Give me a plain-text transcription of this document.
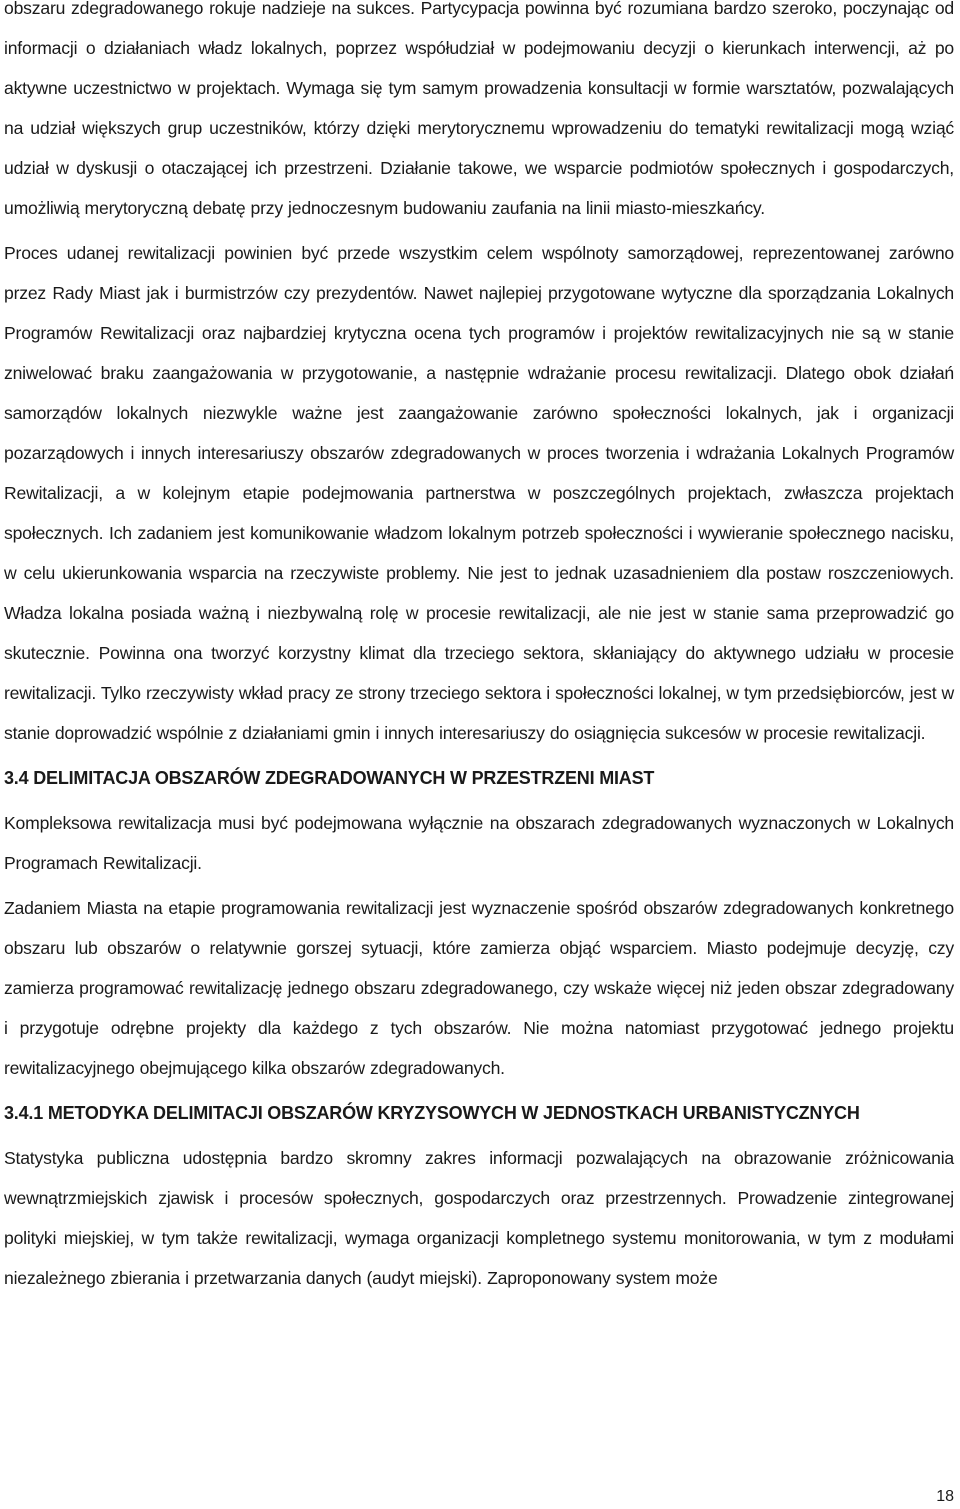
obszaru zdegradowanego rokuje nadzieje na sukces. Partycypacja powinna być rozumiana bardzo szeroko, poczynając od informacji o działaniach władz lokalnych, poprzez współudział w podejmowaniu decyzji o kierunkach interwencji, aż po aktywne uczestnictwo w projektach. Wymaga się tym samym prowadzenia konsultacji w formie warsztatów, pozwalających na udział większych grup uczestników, którzy dzięki merytorycznemu wprowadzeniu do tematyki rewitalizacji mogą wziąć udział w dyskusji o otaczającej ich przestrzeni. Działanie takowe, we wsparcie podmiotów społecznych i gospodarczych, umożliwią merytoryczną debatę przy jednoczesnym budowaniu zaufania na linii miasto-mieszkańcy.

Proces udanej rewitalizacji powinien być przede wszystkim celem wspólnoty samorządowej, reprezentowanej zarówno przez Rady Miast jak i burmistrzów czy prezydentów. Nawet najlepiej przygotowane wytyczne dla sporządzania Lokalnych Programów Rewitalizacji oraz najbardziej krytyczna ocena tych programów i projektów rewitalizacyjnych nie są w stanie zniwelować braku zaangażowania w przygotowanie, a następnie wdrażanie procesu rewitalizacji. Dlatego obok działań samorządów lokalnych niezwykle ważne jest zaangażowanie zarówno społeczności lokalnych, jak i organizacji pozarządowych i innych interesariuszy obszarów zdegradowanych w proces tworzenia i wdrażania Lokalnych Programów Rewitalizacji, a w kolejnym etapie podejmowania partnerstwa w poszczególnych projektach, zwłaszcza projektach społecznych. Ich zadaniem jest komunikowanie władzom lokalnym potrzeb społeczności i wywieranie społecznego nacisku, w celu ukierunkowania wsparcia na rzeczywiste problemy. Nie jest to jednak uzasadnieniem dla postaw roszczeniowych. Władza lokalna posiada ważną i niezbywalną rolę w procesie rewitalizacji, ale nie jest w stanie sama przeprowadzić go skutecznie. Powinna ona tworzyć korzystny klimat dla trzeciego sektora, skłaniający do aktywnego udziału w procesie rewitalizacji. Tylko rzeczywisty wkład pracy ze strony trzeciego sektora i społeczności lokalnej, w tym przedsiębiorców, jest w stanie doprowadzić wspólnie z działaniami gmin i innych interesariuszy do osiągnięcia sukcesów w procesie rewitalizacji.

3.4 DELIMITACJA OBSZARÓW ZDEGRADOWANYCH W PRZESTRZENI MIAST

Kompleksowa rewitalizacja musi być podejmowana wyłącznie na obszarach zdegradowanych wyznaczonych w Lokalnych Programach Rewitalizacji.

Zadaniem Miasta na etapie programowania rewitalizacji jest wyznaczenie spośród obszarów zdegradowanych konkretnego obszaru lub obszarów o relatywnie gorszej sytuacji, które zamierza objąć wsparciem. Miasto podejmuje decyzję, czy zamierza programować rewitalizację jednego obszaru zdegradowanego, czy wskaże więcej niż jeden obszar zdegradowany i przygotuje odrębne projekty dla każdego z tych obszarów. Nie można natomiast przygotować jednego projektu rewitalizacyjnego obejmującego kilka obszarów zdegradowanych.

3.4.1 METODYKA DELIMITACJI OBSZARÓW KRYZYSOWYCH W JEDNOSTKACH URBANISTYCZNYCH

Statystyka publiczna udostępnia bardzo skromny zakres informacji pozwalających na obrazowanie zróżnicowania wewnątrzmiejskich zjawisk i procesów społecznych, gospodarczych oraz przestrzennych. Prowadzenie zintegrowanej polityki miejskiej, w tym także rewitalizacji, wymaga organizacji kompletnego systemu monitorowania, w tym z modułami niezależnego zbierania i przetwarzania danych (audyt miejski). Zaproponowany system może

18
